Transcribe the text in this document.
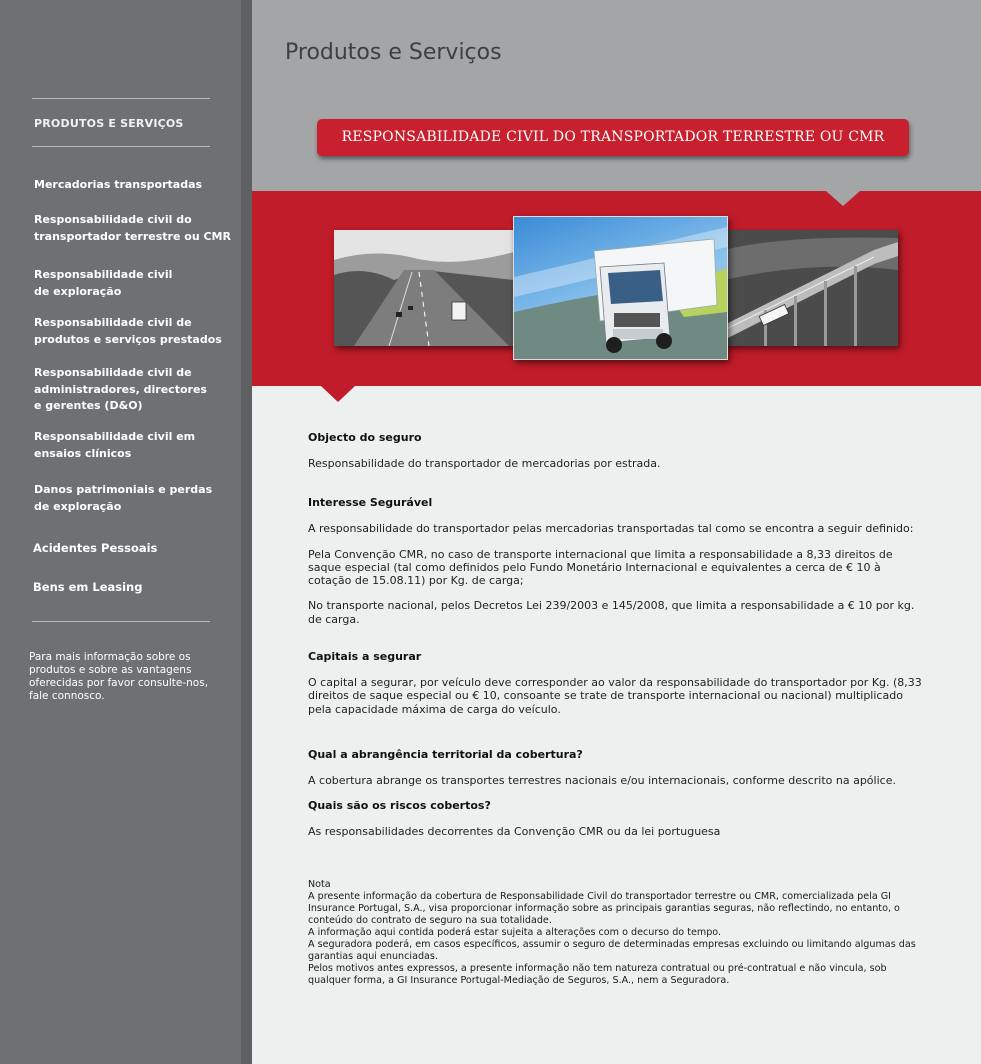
PRODUTOS E SERVIÇOS
Mercadorias transportadas
Responsabilidade civil do
transportador terrestre ou CMR
Responsabilidade civil
de exploração
Responsabilidade civil de
produtos e serviços prestados
Responsabilidade civil de
administradores, directores
e gerentes (D&O)
Responsabilidade civil em
ensaios clínicos
Danos patrimoniais e perdas
de exploração
Acidentes Pessoais
Bens em Leasing
Para mais informação sobre os produtos e sobre as vantagens oferecidas por favor consulte-nos, fale connosco.
Produtos e Serviços
RESPONSABILIDADE CIVIL DO TRANSPORTADOR TERRESTRE OU CMR
Objecto do seguro
Responsabilidade do transportador de mercadorias por estrada.
Interesse Segurável
A responsabilidade do transportador pelas mercadorias transportadas tal como se encontra a seguir definido:
Pela Convenção CMR, no caso de transporte internacional que limita a responsabilidade a 8,33 direitos de saque especial (tal como definidos pelo Fundo Monetário Internacional e equivalentes a cerca de € 10 à cotação de 15.08.11) por Kg. de carga;
No transporte nacional, pelos Decretos Lei 239/2003 e 145/2008, que limita a responsabilidade a € 10 por kg. de carga.
Capitais a segurar
O capital a segurar, por veículo deve corresponder ao valor da responsabilidade do transportador por Kg. (8,33 direitos de saque especial ou € 10, consoante se trate de transporte internacional ou nacional) multiplicado pela capacidade máxima de carga do veículo.
Qual a abrangência territorial da cobertura?
A cobertura abrange os transportes terrestres nacionais e/ou internacionais, conforme descrito na apólice.
Quais são os riscos cobertos?
As responsabilidades decorrentes da Convenção CMR ou da lei portuguesa
Nota
A presente informação da cobertura de Responsabilidade Civil do transportador terrestre ou CMR, comercializada pela GI Insurance Portugal, S.A., visa proporcionar informação sobre as principais garantias seguras, não reflectindo, no entanto, o conteúdo do contrato de seguro na sua totalidade.
A informação aqui contida poderá estar sujeita a alterações com o decurso do tempo.
A seguradora poderá, em casos específicos, assumir o seguro de determinadas empresas excluindo ou limitando algumas das garantias aqui enunciadas.
Pelos motivos antes expressos, a presente informação não tem natureza contratual ou pré-contratual e não vincula, sob qualquer forma, a GI Insurance Portugal-Mediação de Seguros, S.A., nem a Seguradora.
